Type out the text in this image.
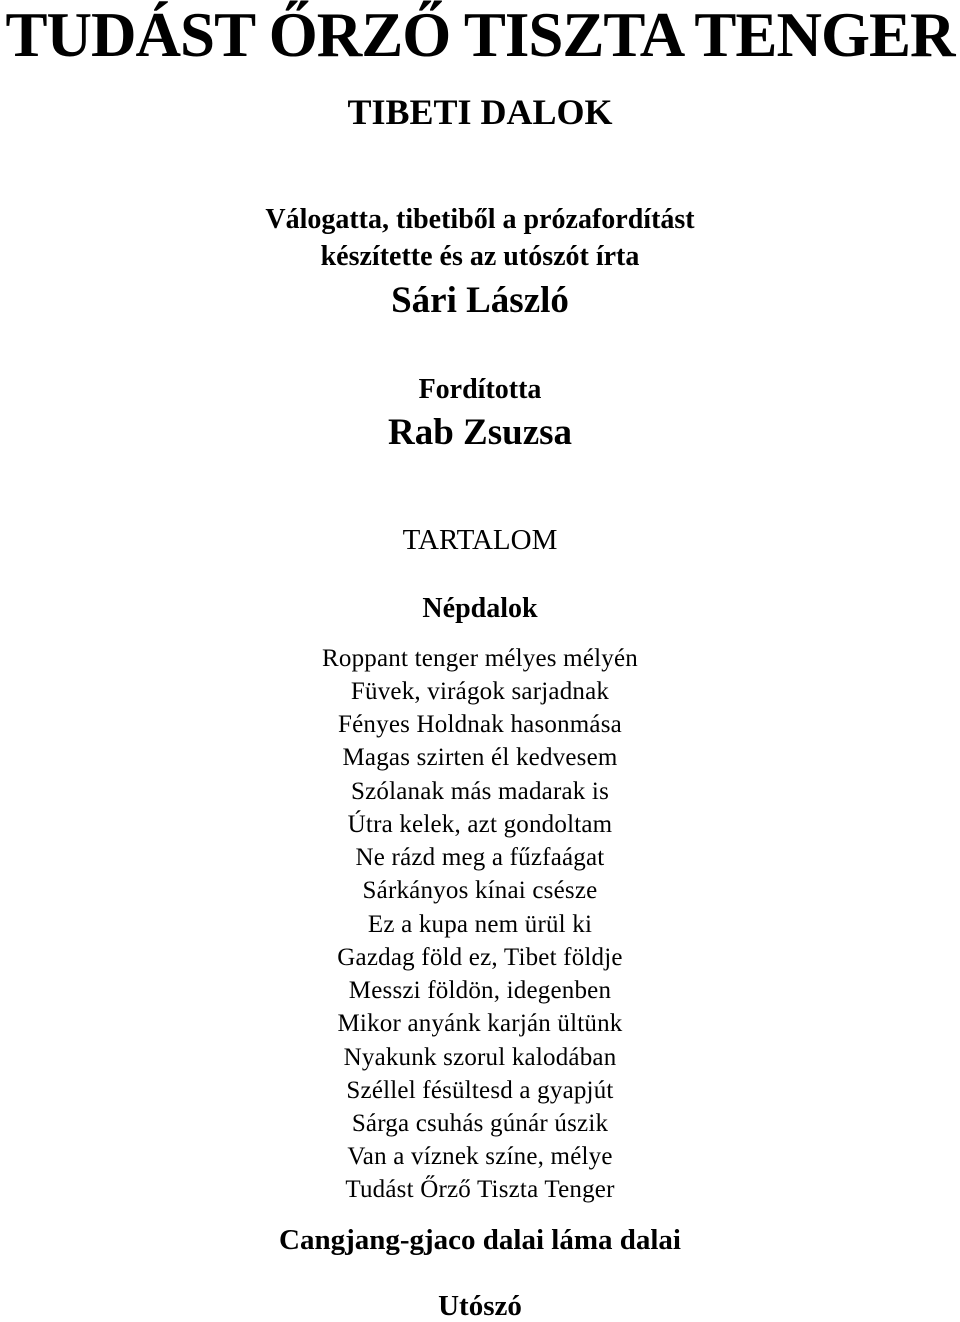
TUDÁST ŐRZŐ TISZTA TENGER
TIBETI DALOK
Válogatta, tibetiből a prózafordítást
készítette és az utószót írta
Sári László
Fordította
Rab Zsuzsa
TARTALOM
Népdalok
Roppant tenger mélyes mélyén
Füvek, virágok sarjadnak
Fényes Holdnak hasonmása
Magas szirten él kedvesem
Szólanak más madarak is
Útra kelek, azt gondoltam
Ne rázd meg a fűzfaágat
Sárkányos kínai csésze
Ez a kupa nem ürül ki
Gazdag föld ez, Tibet földje
Messzi földön, idegenben
Mikor anyánk karján ültünk
Nyakunk szorul kalodában
Széllel fésültesd a gyapjút
Sárga csuhás gúnár úszik
Van a víznek színe, mélye
Tudást Őrző Tiszta Tenger
Cangjang-gjaco dalai láma dalai
Utószó
